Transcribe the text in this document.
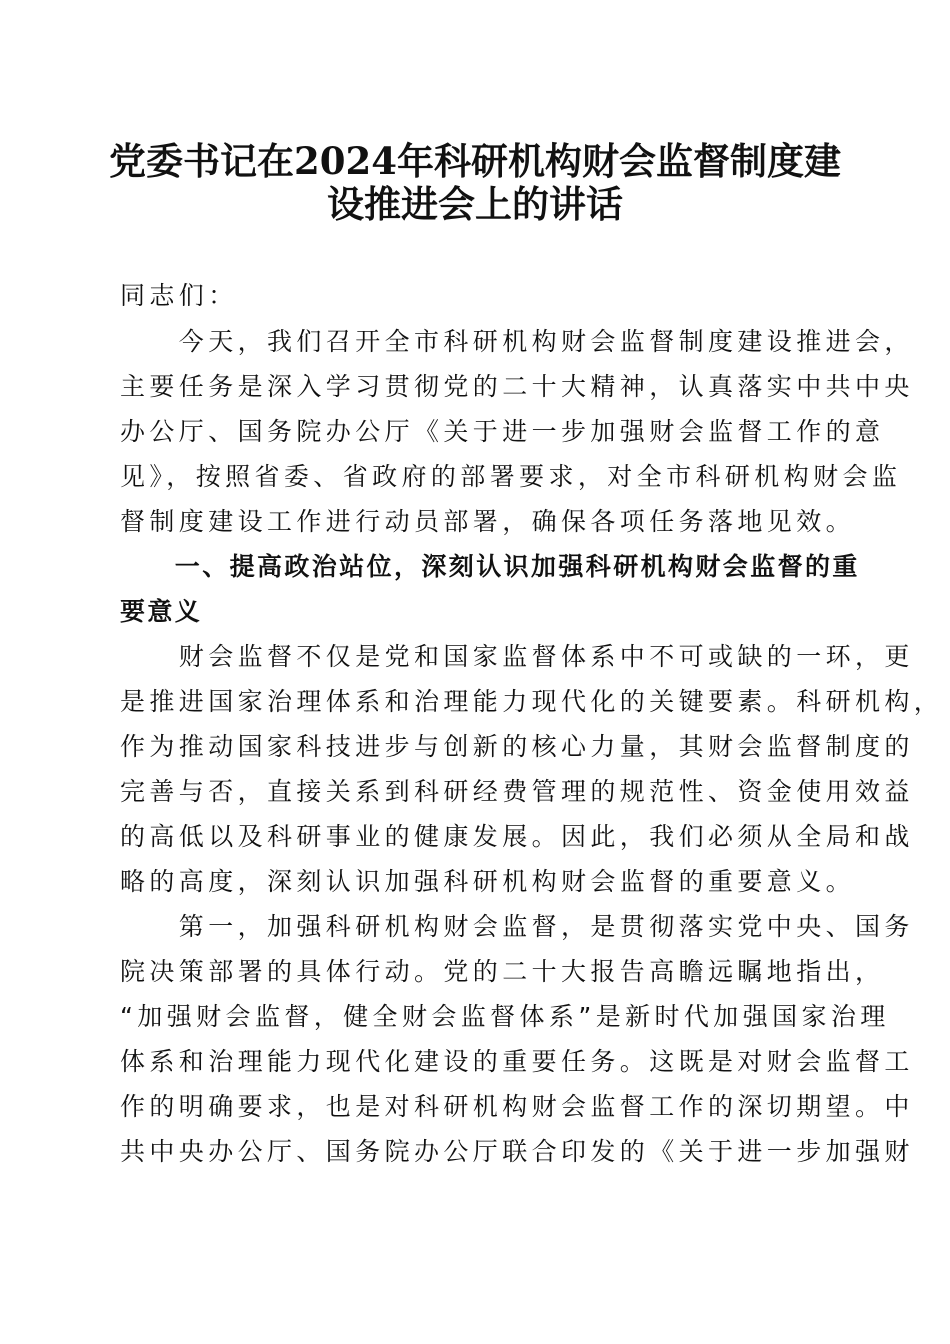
党委书记在2024年科研机构财会监督制度建
设推进会上的讲话

同志们：

　　今天，我们召开全市科研机构财会监督制度建设推进会，

主要任务是深入学习贯彻党的二十大精神，认真落实中共中央

办公厅、国务院办公厅《关于进一步加强财会监督工作的意

见》，按照省委、省政府的部署要求，对全市科研机构财会监

督制度建设工作进行动员部署，确保各项任务落地见效。

　　一、提高政治站位，深刻认识加强科研机构财会监督的重

要意义

　　财会监督不仅是党和国家监督体系中不可或缺的一环，更

是推进国家治理体系和治理能力现代化的关键要素。科研机构，

作为推动国家科技进步与创新的核心力量，其财会监督制度的

完善与否，直接关系到科研经费管理的规范性、资金使用效益

的高低以及科研事业的健康发展。因此，我们必须从全局和战

略的高度，深刻认识加强科研机构财会监督的重要意义。

　　第一，加强科研机构财会监督，是贯彻落实党中央、国务

院决策部署的具体行动。党的二十大报告高瞻远瞩地指出，

“加强财会监督，健全财会监督体系”是新时代加强国家治理

体系和治理能力现代化建设的重要任务。这既是对财会监督工

作的明确要求，也是对科研机构财会监督工作的深切期望。中

共中央办公厅、国务院办公厅联合印发的《关于进一步加强财
